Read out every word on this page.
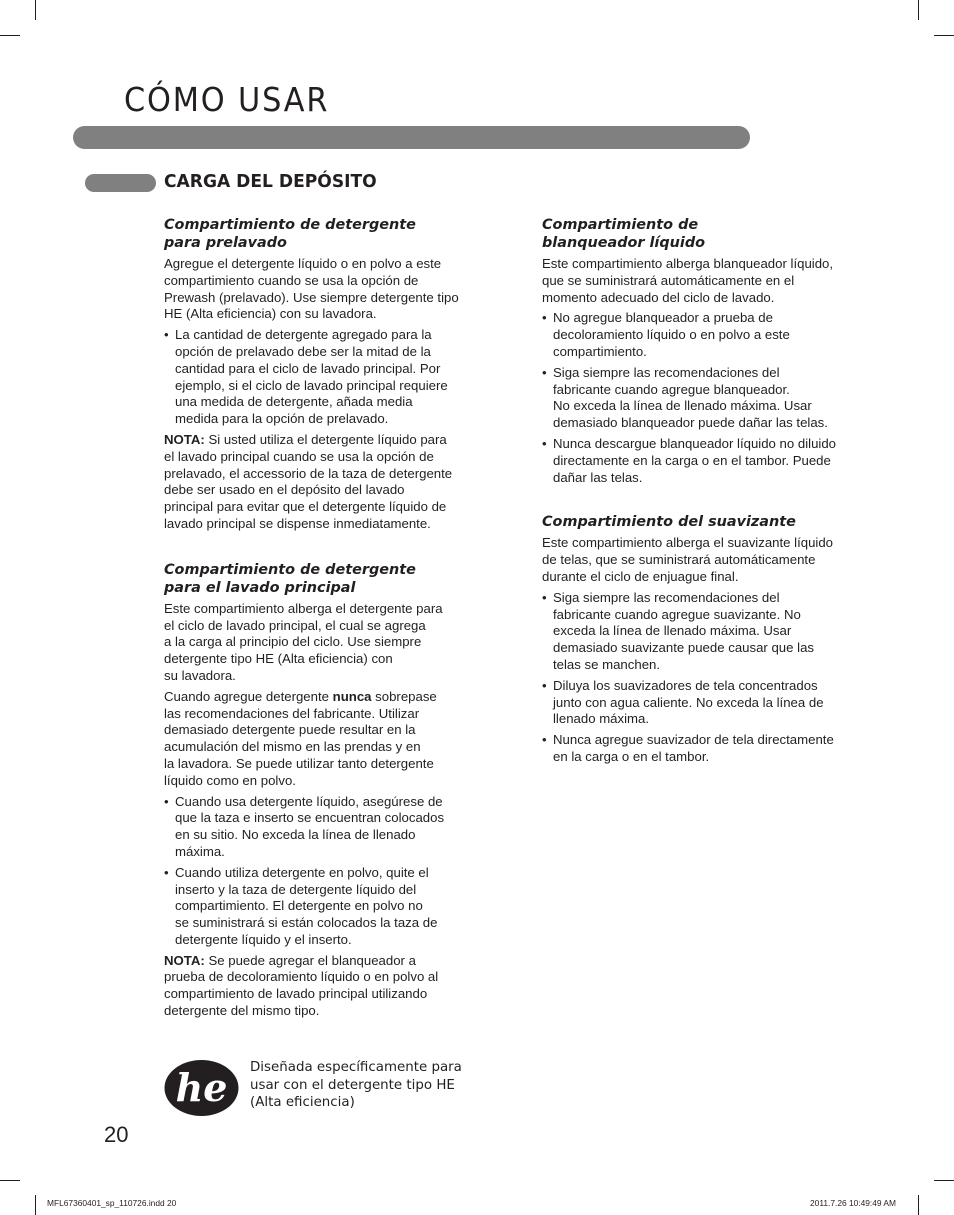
CÓMO USAR
CARGA DEL DEPÓSITO
Compartimiento de detergente
para prelavado
Agregue el detergente líquido o en polvo a este
compartimiento cuando se usa la opción de
Prewash (prelavado). Use siempre detergente tipo
HE (Alta eficiencia) con su lavadora.
• La cantidad de detergente agregado para la
opción de prelavado debe ser la mitad de la
cantidad para el ciclo de lavado principal. Por
ejemplo, si el ciclo de lavado principal requiere
una medida de detergente, añada media
medida para la opción de prelavado.
NOTA: Si usted utiliza el detergente líquido para
el lavado principal cuando se usa la opción de
prelavado, el accessorio de la taza de detergente
debe ser usado en el depósito del lavado
principal para evitar que el detergente líquido de
lavado principal se dispense inmediatamente.
Compartimiento de detergente
para el lavado principal
Este compartimiento alberga el detergente para
el ciclo de lavado principal, el cual se agrega
a la carga al principio del ciclo. Use siempre
detergente tipo HE (Alta eficiencia) con
su lavadora.
Cuando agregue detergente nunca sobrepase
las recomendaciones del fabricante. Utilizar
demasiado detergente puede resultar en la
acumulación del mismo en las prendas y en
la lavadora. Se puede utilizar tanto detergente
líquido como en polvo.
• Cuando usa detergente líquido, asegúrese de
que la taza e inserto se encuentran colocados
en su sitio. No exceda la línea de llenado
máxima.
• Cuando utiliza detergente en polvo, quite el
inserto y la taza de detergente líquido del
compartimiento. El detergente en polvo no
se suministrará si están colocados la taza de
detergente líquido y el inserto.
NOTA: Se puede agregar el blanqueador a
prueba de decoloramiento líquido o en polvo al
compartimiento de lavado principal utilizando
detergente del mismo tipo.
Compartimiento de
blanqueador líquido
Este compartimiento alberga blanqueador líquido,
que se suministrará automáticamente en el
momento adecuado del ciclo de lavado.
• No agregue blanqueador a prueba de
decoloramiento líquido o en polvo a este
compartimiento.
• Siga siempre las recomendaciones del
fabricante cuando agregue blanqueador.
No exceda la línea de llenado máxima. Usar
demasiado blanqueador puede dañar las telas.
• Nunca descargue blanqueador líquido no diluido
directamente en la carga o en el tambor. Puede
dañar las telas.
Compartimiento del suavizante
Este compartimiento alberga el suavizante líquido
de telas, que se suministrará automáticamente
durante el ciclo de enjuague final.
• Siga siempre las recomendaciones del
fabricante cuando agregue suavizante. No
exceda la línea de llenado máxima. Usar
demasiado suavizante puede causar que las
telas se manchen.
• Diluya los suavizadores de tela concentrados
junto con agua caliente. No exceda la línea de
llenado máxima.
• Nunca agregue suavizador de tela directamente
en la carga o en el tambor.
he Diseñada específicamente para
usar con el detergente tipo HE
(Alta eficiencia)
20
MFL67360401_sp_110726.indd 20	2011.7.26 10:49:49 AM
